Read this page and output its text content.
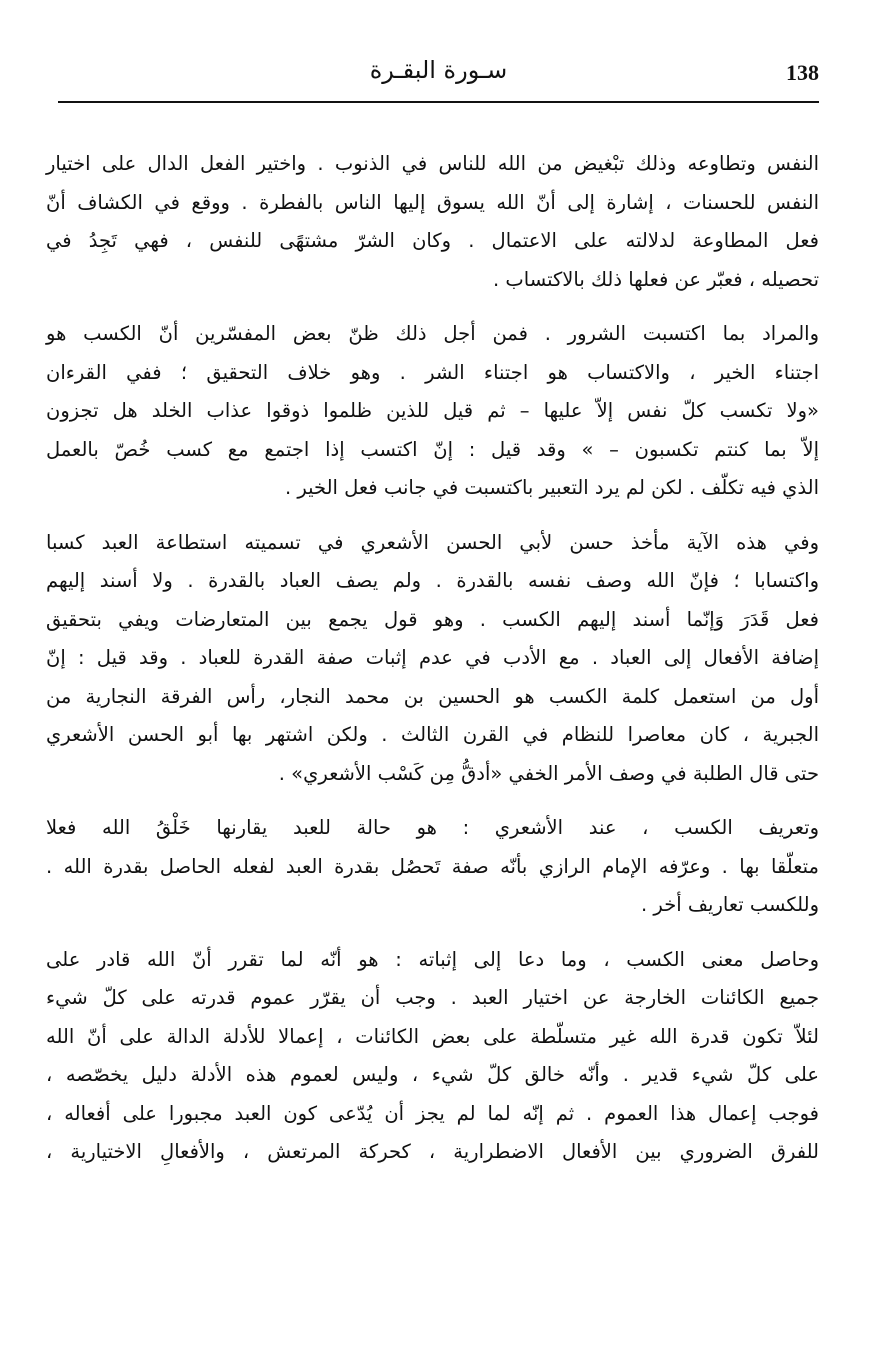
138
سـورة البقـرة

النفس وتطاوعه وذلك تبْغيض من الله للناس في الذنوب . واختير الفعل الدال على اختيار
النفس للحسنات ، إشارة إلى أنّ الله يسوق إليها الناس بالفطرة . ووقع في الكشاف أنّ
فعل المطاوعة لدلالته على الاعتمال . وكان الشرّ مشتهًى للنفس ، فهي تَجِدُ في
تحصيله ، فعبّر عن فعلها ذلك بالاكتساب .

والمراد بما اكتسبت الشرور . فمن أجل ذلك ظنّ بعض المفسّرين أنّ الكسب هو
اجتناء الخير ، والاكتساب هو اجتناء الشر . وهو خلاف التحقيق ؛ ففي القرءان
«ولا تكسب كلّ نفس إلاّ عليها – ثم قيل للذين ظلموا ذوقوا عذاب الخلد هل تجزون
إلاّ بما كنتم تكسبون – » وقد قيل : إنّ اكتسب إذا اجتمع مع كسب خُصّ بالعمل
الذي فيه تكلّف . لكن لم يرد التعبير باكتسبت في جانب فعل الخير .

وفي هذه الآية مأخذ حسن لأبي الحسن الأشعري في تسميته استطاعة العبد كسبا
واكتسابا ؛ فإنّ الله وصف نفسه بالقدرة . ولم يصف العباد بالقدرة . ولا أسند إليهم
فعل قَدَرَ وَإنّما أسند إليهم الكسب . وهو قول يجمع بين المتعارضات ويفي بتحقيق
إضافة الأفعال إلى العباد . مع الأدب في عدم إثبات صفة القدرة للعباد . وقد قيل : إنّ
أول من استعمل كلمة الكسب هو الحسين بن محمد النجار، رأس الفرقة النجارية من
الجبرية ، كان معاصرا للنظام في القرن الثالث . ولكن اشتهر بها أبو الحسن الأشعري
حتى قال الطلبة في وصف الأمر الخفي «أدقُّ مِن كَسْب الأشعري» .

وتعريف الكسب ، عند الأشعري : هو حالة للعبد يقارنها خَلْقُ الله فعلا
متعلّقا بها . وعرّفه الإمام الرازي بأنّه صفة تَحصُل بقدرة العبد لفعله الحاصل بقدرة الله .
وللكسب تعاريف أخر .

وحاصل معنى الكسب ، وما دعا إلى إثباته : هو أنّه لما تقرر أنّ الله قادر على
جميع الكائنات الخارجة عن اختيار العبد . وجب أن يقرّر عموم قدرته على كلّ شيء
لئلاّ تكون قدرة الله غير متسلّطة على بعض الكائنات ، إعمالا للأدلة الدالة على أنّ الله
على كلّ شيء قدير . وأنّه خالق كلّ شيء ، وليس لعموم هذه الأدلة دليل يخصّصه ،
فوجب إعمال هذا العموم . ثم إنّه لما لم يجز أن يُدّعى كون العبد مجبورا على أفعاله ،
للفرق الضروري بين الأفعال الاضطرارية ، كحركة المرتعش ، والأفعالِ الاختيارية ،
